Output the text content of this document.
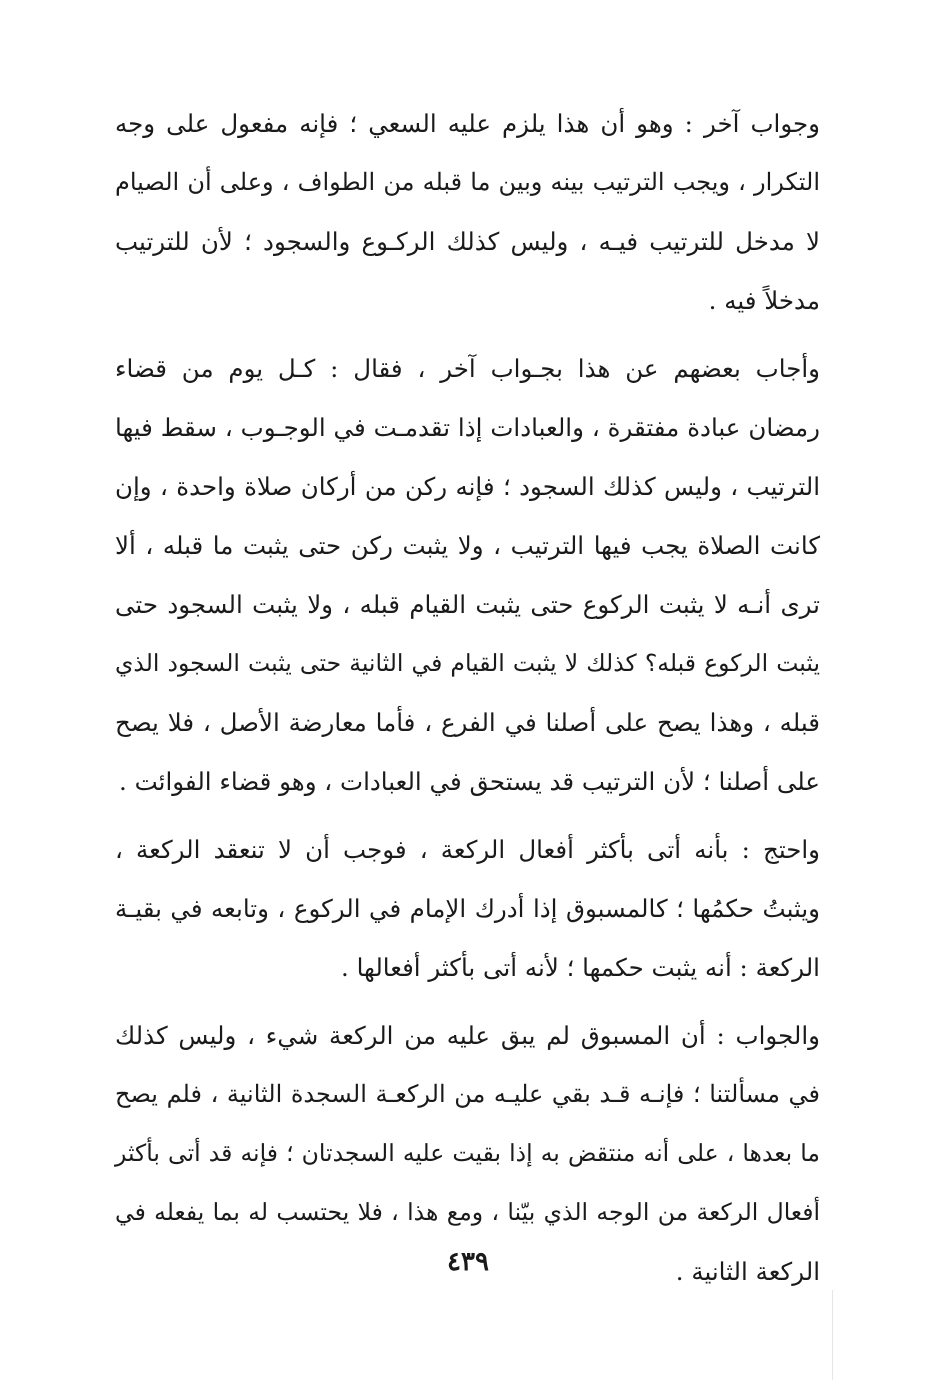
وجواب آخر : وهو أن هذا يلزم عليه السعي ؛ فإنه مفعول على وجه
التكرار ، ويجب الترتيب بينه وبين ما قبله من الطواف ، وعلى أن الصيام
لا مدخل للترتيب فيـه ، وليس كذلك الركـوع والسجود ؛ لأن للترتيب
مدخلاً فيه .
وأجاب بعضهم عن هذا بجـواب آخر ، فقال : كـل يوم من قضاء
رمضان عبادة مفتقرة ، والعبادات إذا تقدمـت في الوجـوب ، سقط فيها
الترتيب ، وليس كذلك السجود ؛ فإنه ركن من أركان صلاة واحدة ، وإن
كانت الصلاة يجب فيها الترتيب ، ولا يثبت ركن حتى يثبت ما قبله ، ألا
ترى أنـه لا يثبت الركوع حتى يثبت القيام قبله ، ولا يثبت السجود حتى
يثبت الركوع قبله؟ كذلك لا يثبت القيام في الثانية حتى يثبت السجود الذي
قبله ، وهذا يصح على أصلنا في الفرع ، فأما معارضة الأصل ، فلا يصح
على أصلنا ؛ لأن الترتيب قد يستحق في العبادات ، وهو قضاء الفوائت .
واحتج : بأنه أتى بأكثر أفعال الركعة ، فوجب أن لا تنعقد الركعة ،
ويثبتُ حكمُها ؛ كالمسبوق إذا أدرك الإمام في الركوع ، وتابعه في بقيـة
الركعة : أنه يثبت حكمها ؛ لأنه أتى بأكثر أفعالها .
والجواب : أن المسبوق لم يبق عليه من الركعة شيء ، وليس كذلك
في مسألتنا ؛ فإنـه قـد بقي عليـه من الركعـة السجدة الثانية ، فلم يصح
ما بعدها ، على أنه منتقض به إذا بقيت عليه السجدتان ؛ فإنه قد أتى بأكثر
أفعال الركعة من الوجه الذي بيّنا ، ومع هذا ، فلا يحتسب له بما يفعله في
الركعة الثانية .
٤٣٩
